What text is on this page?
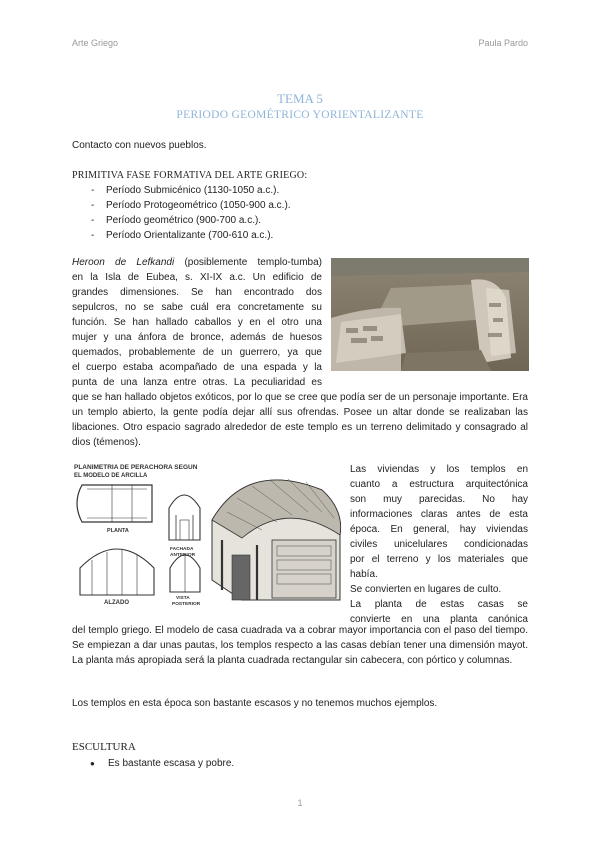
Arte Griego	Paula Pardo
TEMA 5
PERIODO GEOMÉTRICO YORIENTALIZANTE
Contacto con nuevos pueblos.
PRIMITIVA FASE FORMATIVA DEL ARTE GRIEGO:
- Período Submicénico (1130-1050 a.c.).
- Período Protogeométrico (1050-900 a.c.).
- Período geométrico (900-700 a.c.).
- Período Orientalizante (700-610 a.c.).
Heroon de Lefkandi (posiblemente templo-tumba)
en la Isla de Eubea, s. XI-IX a.c. Un edificio de
grandes dimensiones. Se han encontrado dos
sepulcros, no se sabe cuál era concretamente su
función. Se han hallado caballos y en el otro una
mujer y una ánfora de bronce, además de huesos
quemados, probablemente de un guerrero, ya que
el cuerpo estaba acompañado de una espada y la
punta de una lanza entre otras. La peculiaridad es
que se han hallado objetos exóticos, por lo que se cree que podía ser de un personaje importante. Era un templo abierto, la gente podía dejar allí sus ofrendas. Posee un altar donde se realizaban las libaciones. Otro espacio sagrado alrededor de este templo es un terreno delimitado y consagrado al dios (témenos).
PLANIMETRIA DE PERACHORA SEGUN
EL MODELO DE ARCILLA
PLANTA
FACHADA
ANTERIOR
ALZADO
VISTA
POSTERIOR
Las viviendas y los templos en
cuanto a estructura arquitectónica
son muy parecidas. No hay
informaciones claras antes de esta
época. En general, hay viviendas
civiles unicelulares condicionadas
por el terreno y los materiales que
había.
Se convierten en lugares de culto.
La planta de estas casas se
convierte en una planta canónica
del templo griego. El modelo de casa cuadrada va a cobrar mayor importancia con el paso del tiempo. Se empiezan a dar unas pautas, los templos respecto a las casas debían tener una dimensión mayot. La planta más apropiada será la planta cuadrada rectangular sin cabecera, con pórtico y columnas.
Los templos en esta época son bastante escasos y no tenemos muchos ejemplos.
ESCULTURA
● Es bastante escasa y pobre.
1
